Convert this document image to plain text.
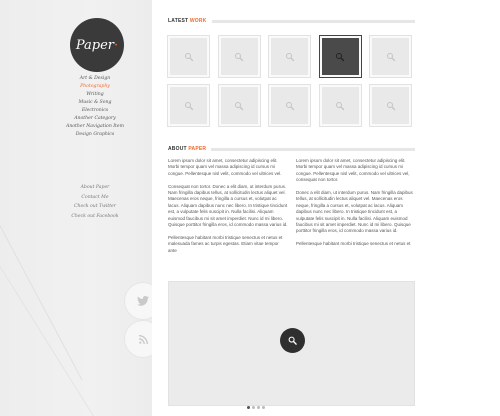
Paper ·
Art & Design
Photography
Writing
Music & Song
Electronics
Another Category
Another Navigation Item
Design Graphics
About Paper
Contact Me
Check out Twitter
Check out Facebook
LATEST WORK
ABOUT PAPER

Lorem ipsum dolor sit amet, consectetur adipiscing elit. Morbi tempor quam vel massa adipiscing id cursus mi congue. Pellentesque nisl velit, commodo vel ultrices vel.

Consequat non tortor. Donec a elit diam, ut interdum purus. Nam fringilla dapibus tellus, at sollicitudin lectus aliquet vel. Maecenas eros neque, fringilla a cursus et, volutpat ac lacus. Aliquam dapibus nunc nec libero. In tristique tincidunt est, a vulputate felis suscipit in. Nulla facilisi. Aliquam euismod faucibus mi sit amet imperdiet. Nunc id mi libero. Quisque porttitor fringilla eros, id commodo massa varius id.

Pellentesque habitant morbi tristique senectus et netus et malesuada fames ac turpis egestas. Etiam vitae tempor ante

Lorem ipsum dolor sit amet, consectetur adipiscing elit. Morbi tempor quam vel massa adipiscing id cursus mi congue. Pellentesque nisl velit, commodo vel ultrices vel, consequat non tortor.

Donec a elit diam, ut interdum purus. Nam fringilla dapibus tellus, at sollicitudin lectus aliquet vel. Maecenas eros neque, fringilla a cursus et, volutpat ac lacus. Aliquam dapibus nunc nec libero. In tristique tincidunt est, a vulputate felis suscipit in. Nulla facilisi. Aliquam euismod faucibus mi sit amet imperdiet. Nunc id mi libero. Quisque porttitor fringilla eros, id commodo massa varius id.

Pellentesque habitant morbi tristique senectus et netus et
